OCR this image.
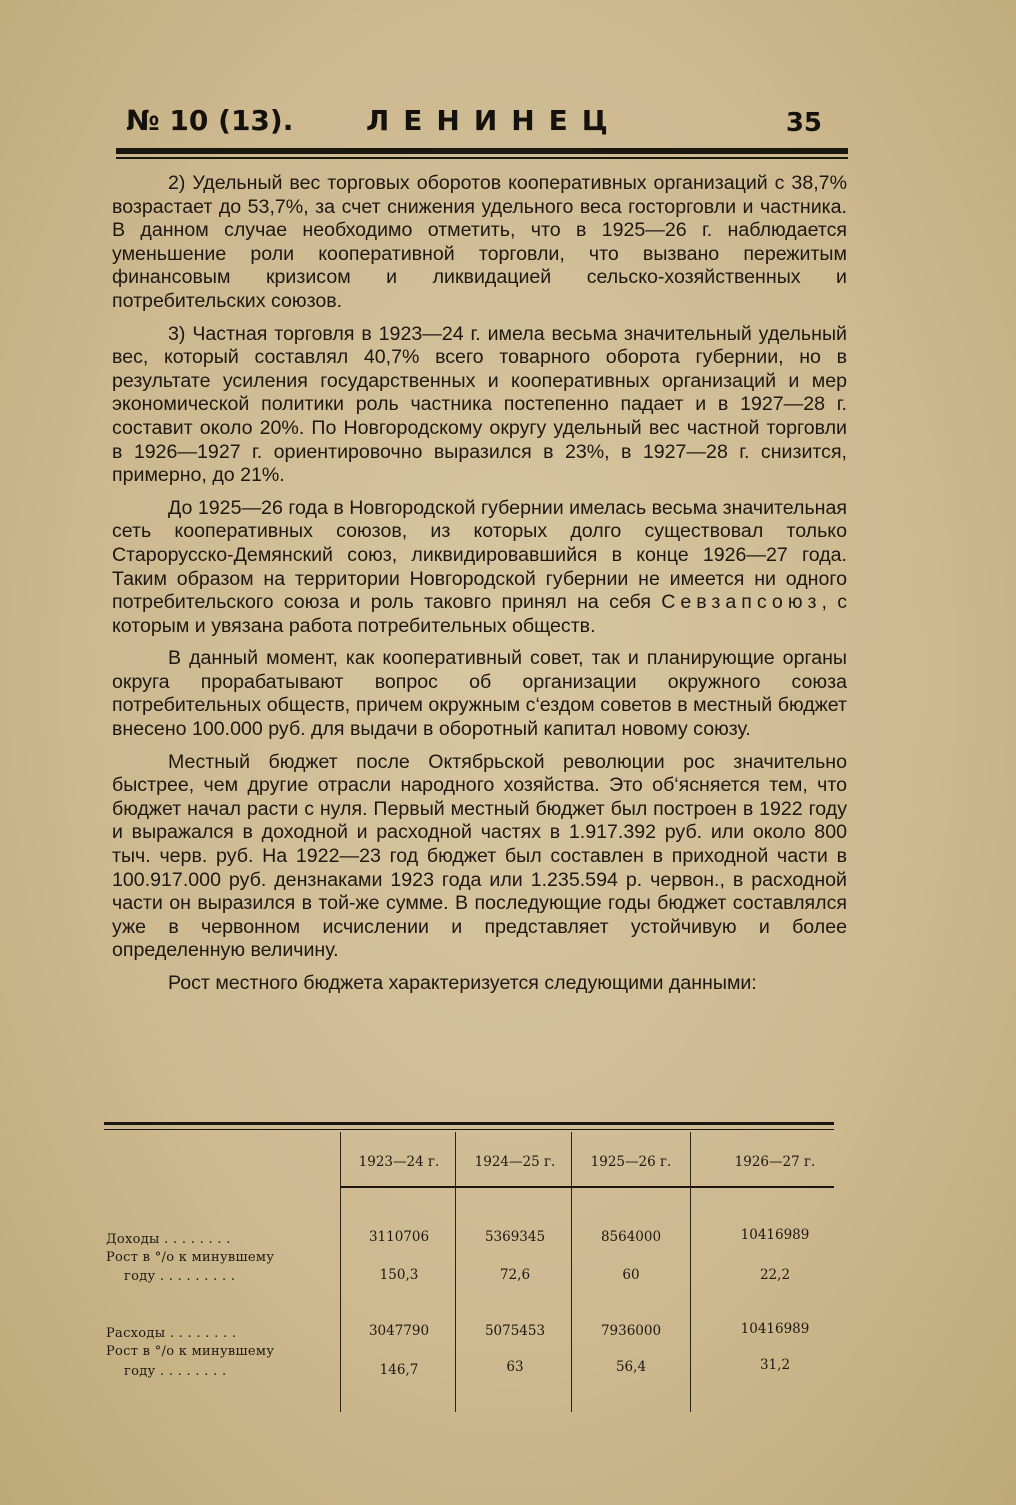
№ 10 (13).	ЛЕНИНЕЦ	35

2) Удельный вес торговых оборотов кооперативных организаций с 38,7% возрастает до 53,7%, за счет снижения удельного веса госторговли и частника. В данном случае необходимо отметить, что в 1925—26 г. наблюдается уменьшение роли кооперативной торговли, что вызвано пережитым финансовым кризисом и ликвидацией сельско-хозяйственных и потребительских союзов.

3) Частная торговля в 1923—24 г. имела весьма значительный удельный вес, который составлял 40,7% всего товарного оборота губернии, но в результате усиления государственных и кооперативных организаций и мер экономической политики роль частника постепенно падает и в 1927—28 г. составит около 20%. По Новгородскому округу удельный вес частной торговли в 1926—1927 г. ориентировочно выразился в 23%, в 1927—28 г. снизится, примерно, до 21%.

До 1925—26 года в Новгородской губернии имелась весьма значительная сеть кооперативных союзов, из которых долго существовал только Старорусско-Демянский союз, ликвидировавшийся в конце 1926—27 года. Таким образом на территории Новгородской губернии не имеется ни одного потребительского союза и роль таковго принял на себя Севзапсоюз, с которым и увязана работа потребительных обществ.

В данный момент, как кооперативный совет, так и планирующие органы округа прорабатывают вопрос об организации окружного союза потребительных обществ, причем окружным с‘ездом советов в местный бюджет внесено 100.000 руб. для выдачи в оборотный капитал новому союзу.

Местный бюджет после Октябрьской революции рос значительно быстрее, чем другие отрасли народного хозяйства. Это об‘ясняется тем, что бюджет начал расти с нуля. Первый местный бюджет был построен в 1922 году и выражался в доходной и расходной частях в 1.917.392 руб. или около 800 тыч. черв. руб. На 1922—23 год бюджет был составлен в приходной части в 100.917.000 руб. дензнаками 1923 года или 1.235.594 р. червон., в расходной части он выразился в той-же сумме. В последующие годы бюджет составлялся уже в червонном исчислении и представляет устойчивую и более определенную величину.

Рост местного бюджета характеризуется следующими данными:

1923—24 г.	1924—25 г.	1925—26 г.	1926—27 г.
Доходы . . . . . . . .	3110706	5369345	8564000	10416989
Рост в °/о к минувшему
году . . . . . . . . .	150,3	72,6	60	22,2
Расходы . . . . . . . .	3047790	5075453	7936000	10416989
Рост в °/о к минувшему
году . . . . . . . .	146,7	63	56,4	31,2
